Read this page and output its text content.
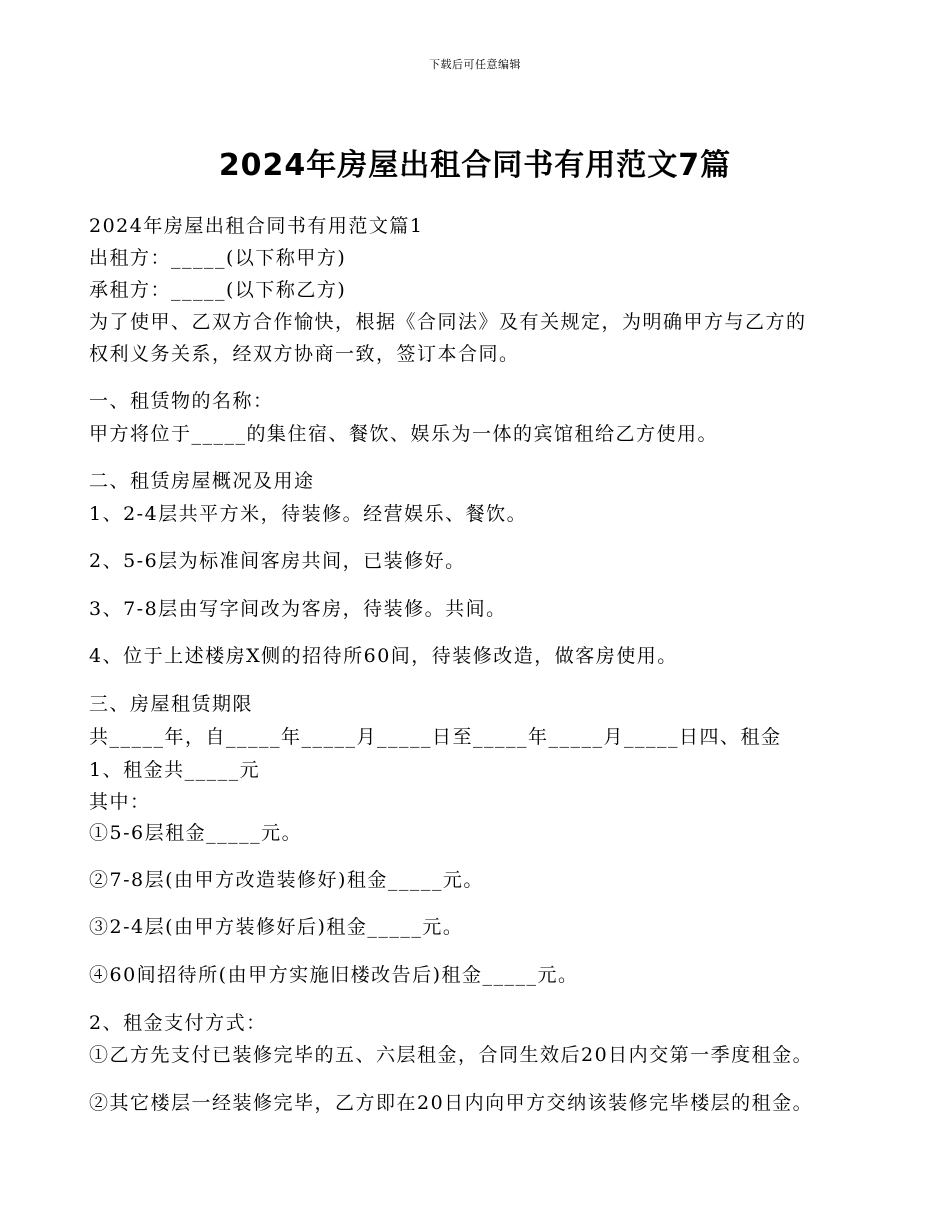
下载后可任意编辑
2024年房屋出租合同书有用范文7篇
2024年房屋出租合同书有用范文篇1
出租方：_____(以下称甲方)
承租方：_____(以下称乙方)
为了使甲、乙双方合作愉快，根据《合同法》及有关规定，为明确甲方与乙方的
权利义务关系，经双方协商一致，签订本合同。
一、租赁物的名称：
甲方将位于_____的集住宿、餐饮、娱乐为一体的宾馆租给乙方使用。
二、租赁房屋概况及用途
1、2-4层共平方米，待装修。经营娱乐、餐饮。
2、5-6层为标准间客房共间，已装修好。
3、7-8层由写字间改为客房，待装修。共间。
4、位于上述楼房X侧的招待所60间，待装修改造，做客房使用。
三、房屋租赁期限
共_____年，自_____年_____月_____日至_____年_____月_____日四、租金
1、租金共_____元
其中：
①5-6层租金_____元。
②7-8层(由甲方改造装修好)租金_____元。
③2-4层(由甲方装修好后)租金_____元。
④60间招待所(由甲方实施旧楼改告后)租金_____元。
2、租金支付方式：
①乙方先支付已装修完毕的五、六层租金，合同生效后20日内交第一季度租金。
②其它楼层一经装修完毕，乙方即在20日内向甲方交纳该装修完毕楼层的租金。
